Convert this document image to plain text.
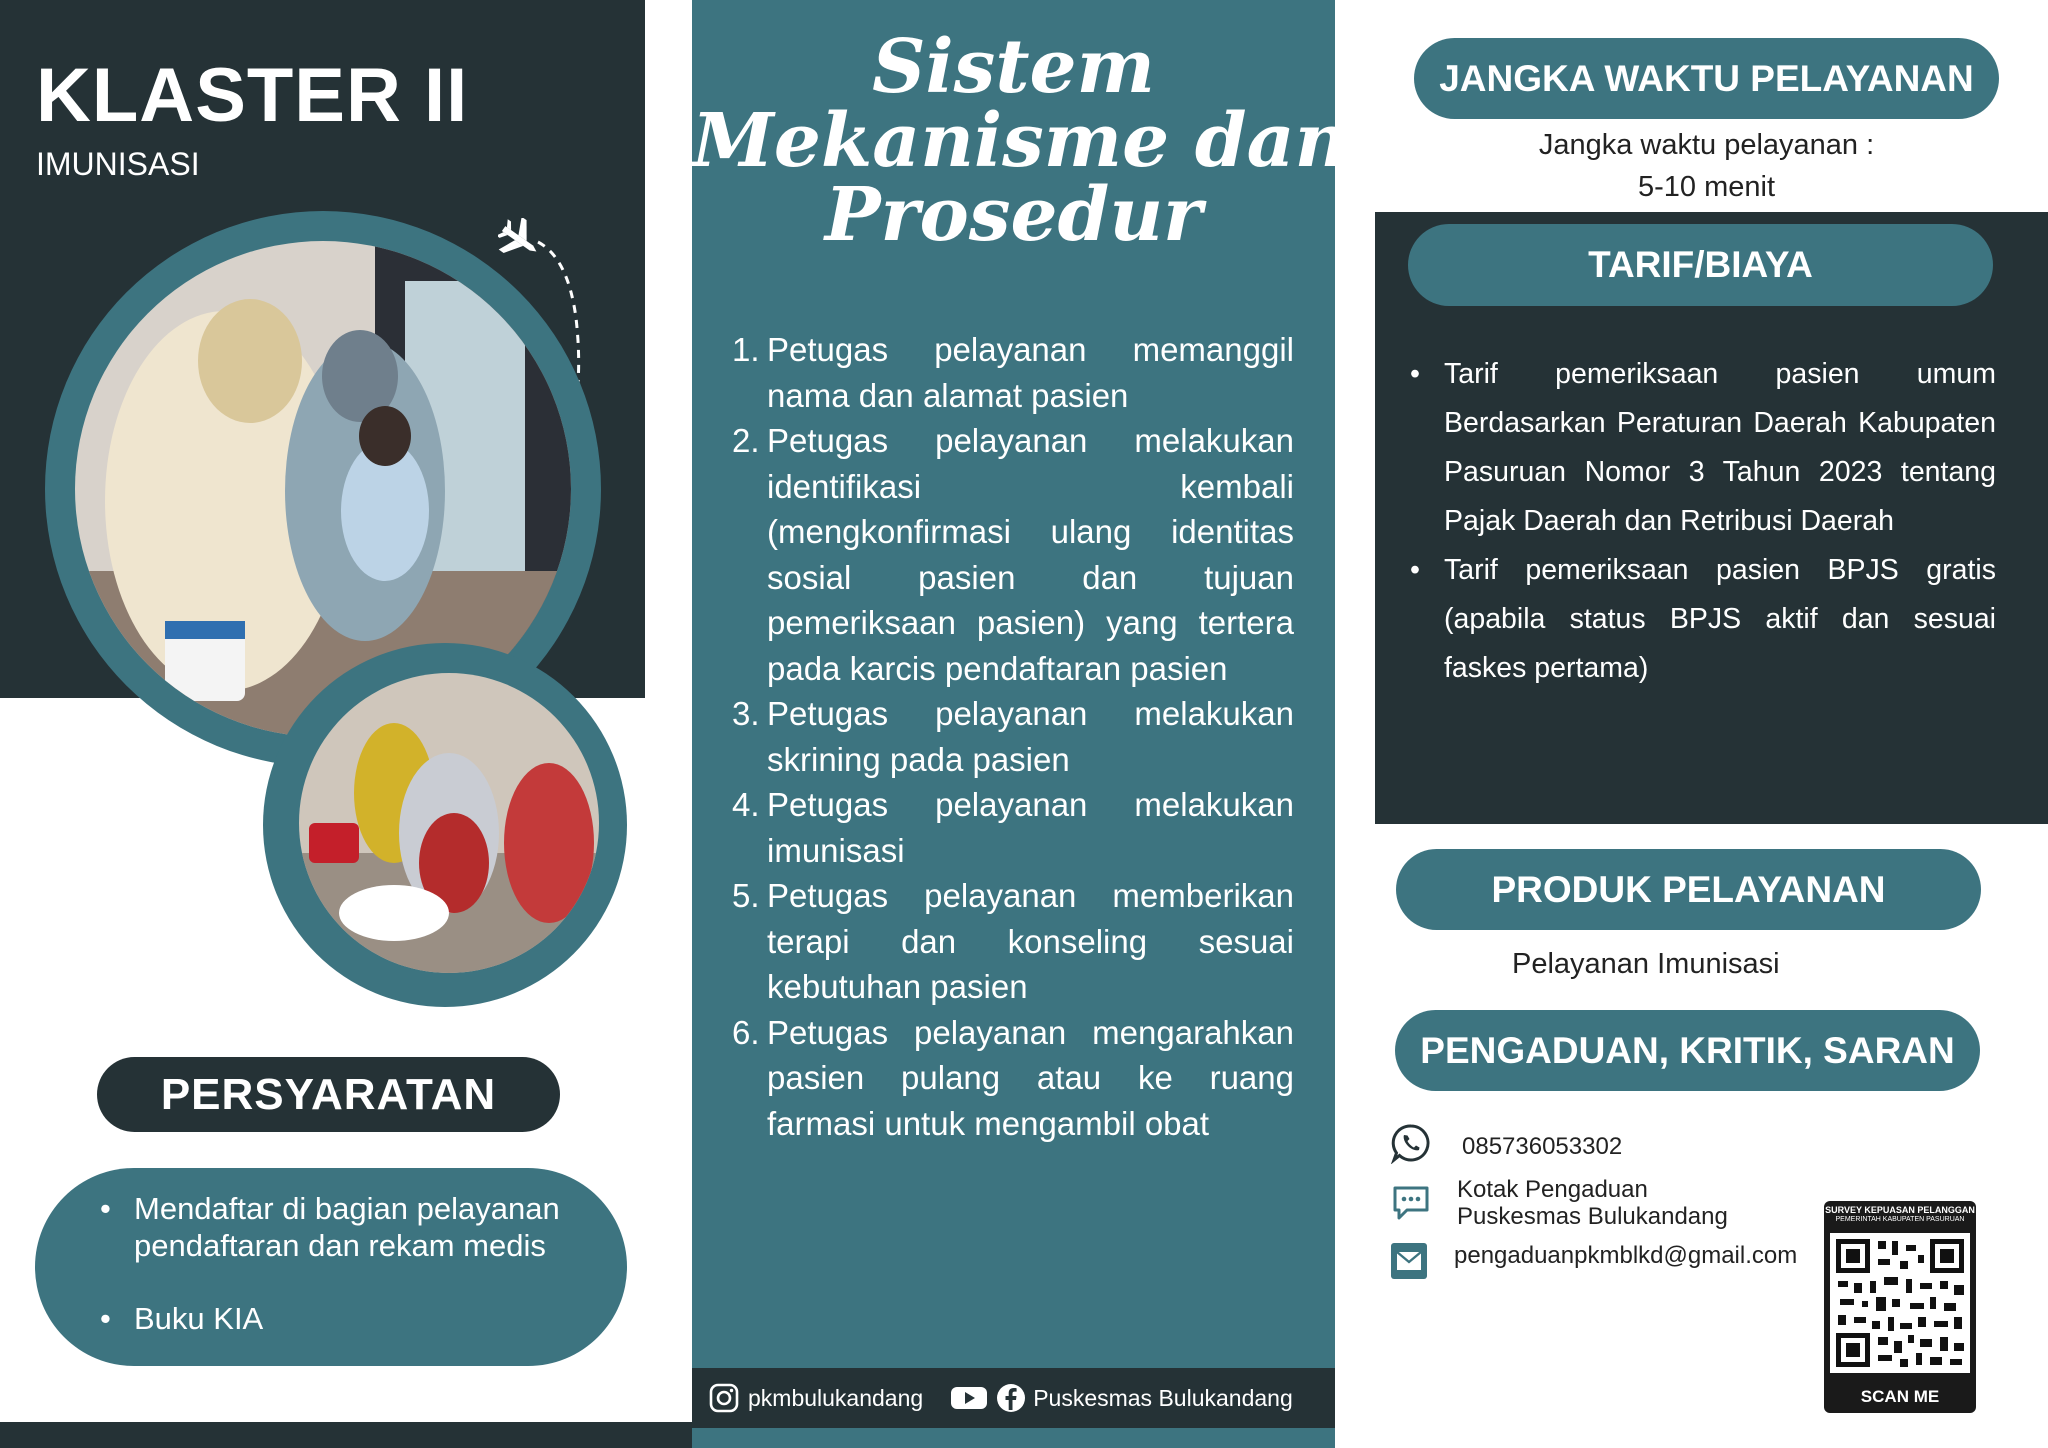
KLASTER II
IMUNISASI
PERSYARATAN
• Mendaftar di bagian pelayanan pendaftaran dan rekam medis
• Buku KIA
Sistem
Mekanisme dan
Prosedur
1. Petugas pelayanan memanggil nama dan alamat pasien
2. Petugas pelayanan melakukan identifikasi kembali (mengkonfirmasi ulang identitas sosial pasien dan tujuan pemeriksaan pasien) yang tertera pada karcis pendaftaran pasien
3. Petugas pelayanan melakukan skrining pada pasien
4. Petugas pelayanan melakukan imunisasi
5. Petugas pelayanan memberikan terapi dan konseling sesuai kebutuhan pasien
6. Petugas pelayanan mengarahkan pasien pulang atau ke ruang farmasi untuk mengambil obat
pkmbulukandang	Puskesmas Bulukandang
JANGKA WAKTU PELAYANAN
Jangka waktu pelayanan :
5-10 menit
TARIF/BIAYA
• Tarif pemeriksaan pasien umum Berdasarkan Peraturan Daerah Kabupaten Pasuruan Nomor 3 Tahun 2023 tentang Pajak Daerah dan Retribusi Daerah
• Tarif pemeriksaan pasien BPJS gratis (apabila status BPJS aktif dan sesuai faskes pertama)
PRODUK PELAYANAN
Pelayanan Imunisasi
PENGADUAN, KRITIK, SARAN
085736053302
Kotak Pengaduan
Puskesmas Bulukandang
pengaduanpkmblkd@gmail.com
SURVEY KEPUASAN PELANGGAN
PEMERINTAH KABUPATEN PASURUAN
SCAN ME
